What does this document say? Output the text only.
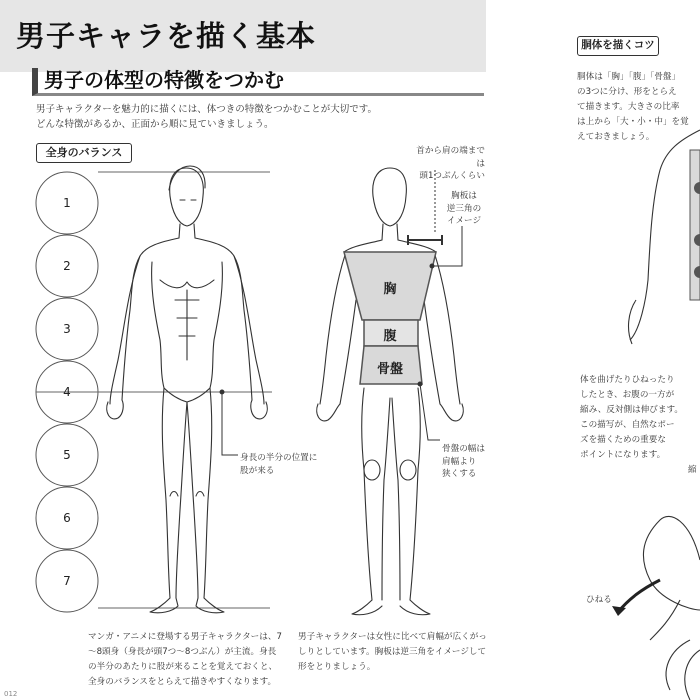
男子キャラを描く基本
男子の体型の特徴をつかむ
男子キャラクターを魅力的に描くには、体つきの特徴をつかむことが大切です。
どんな特徴があるか、正面から順に見ていきましょう。
全身のバランス
1
2
3
4
5
6
7
身長の半分の位置に
股が来る
首から肩の端までは
頭1つぶんくらい
胸板は
逆三角の
イメージ
骨盤の幅は
肩幅より
狭くする
胸
腹
骨盤
マンガ・アニメに登場する男子キャラクターは、7
～8頭身（身長が頭7つ～8つぶん）が主流。身長
の半分のあたりに股が来ることを覚えておくと、
全身のバランスをとらえて描きやすくなります。
男子キャラクターは女性に比べて肩幅が広くがっ
しりとしています。胸板は逆三角をイメージして
形をとりましょう。
012
胴体を描くコツ
胴体は「胸」「腹」「骨盤」
の3つに分け、形をとらえ
て描きます。大きさの比率
は上から「大・小・中」を覚
えておきましょう。
体を曲げたりひねったり
したとき、お腹の一方が
縮み、反対側は伸びます。
この描写が、自然なポー
ズを描くための重要な
ポイントになります。
縮
ひねる
